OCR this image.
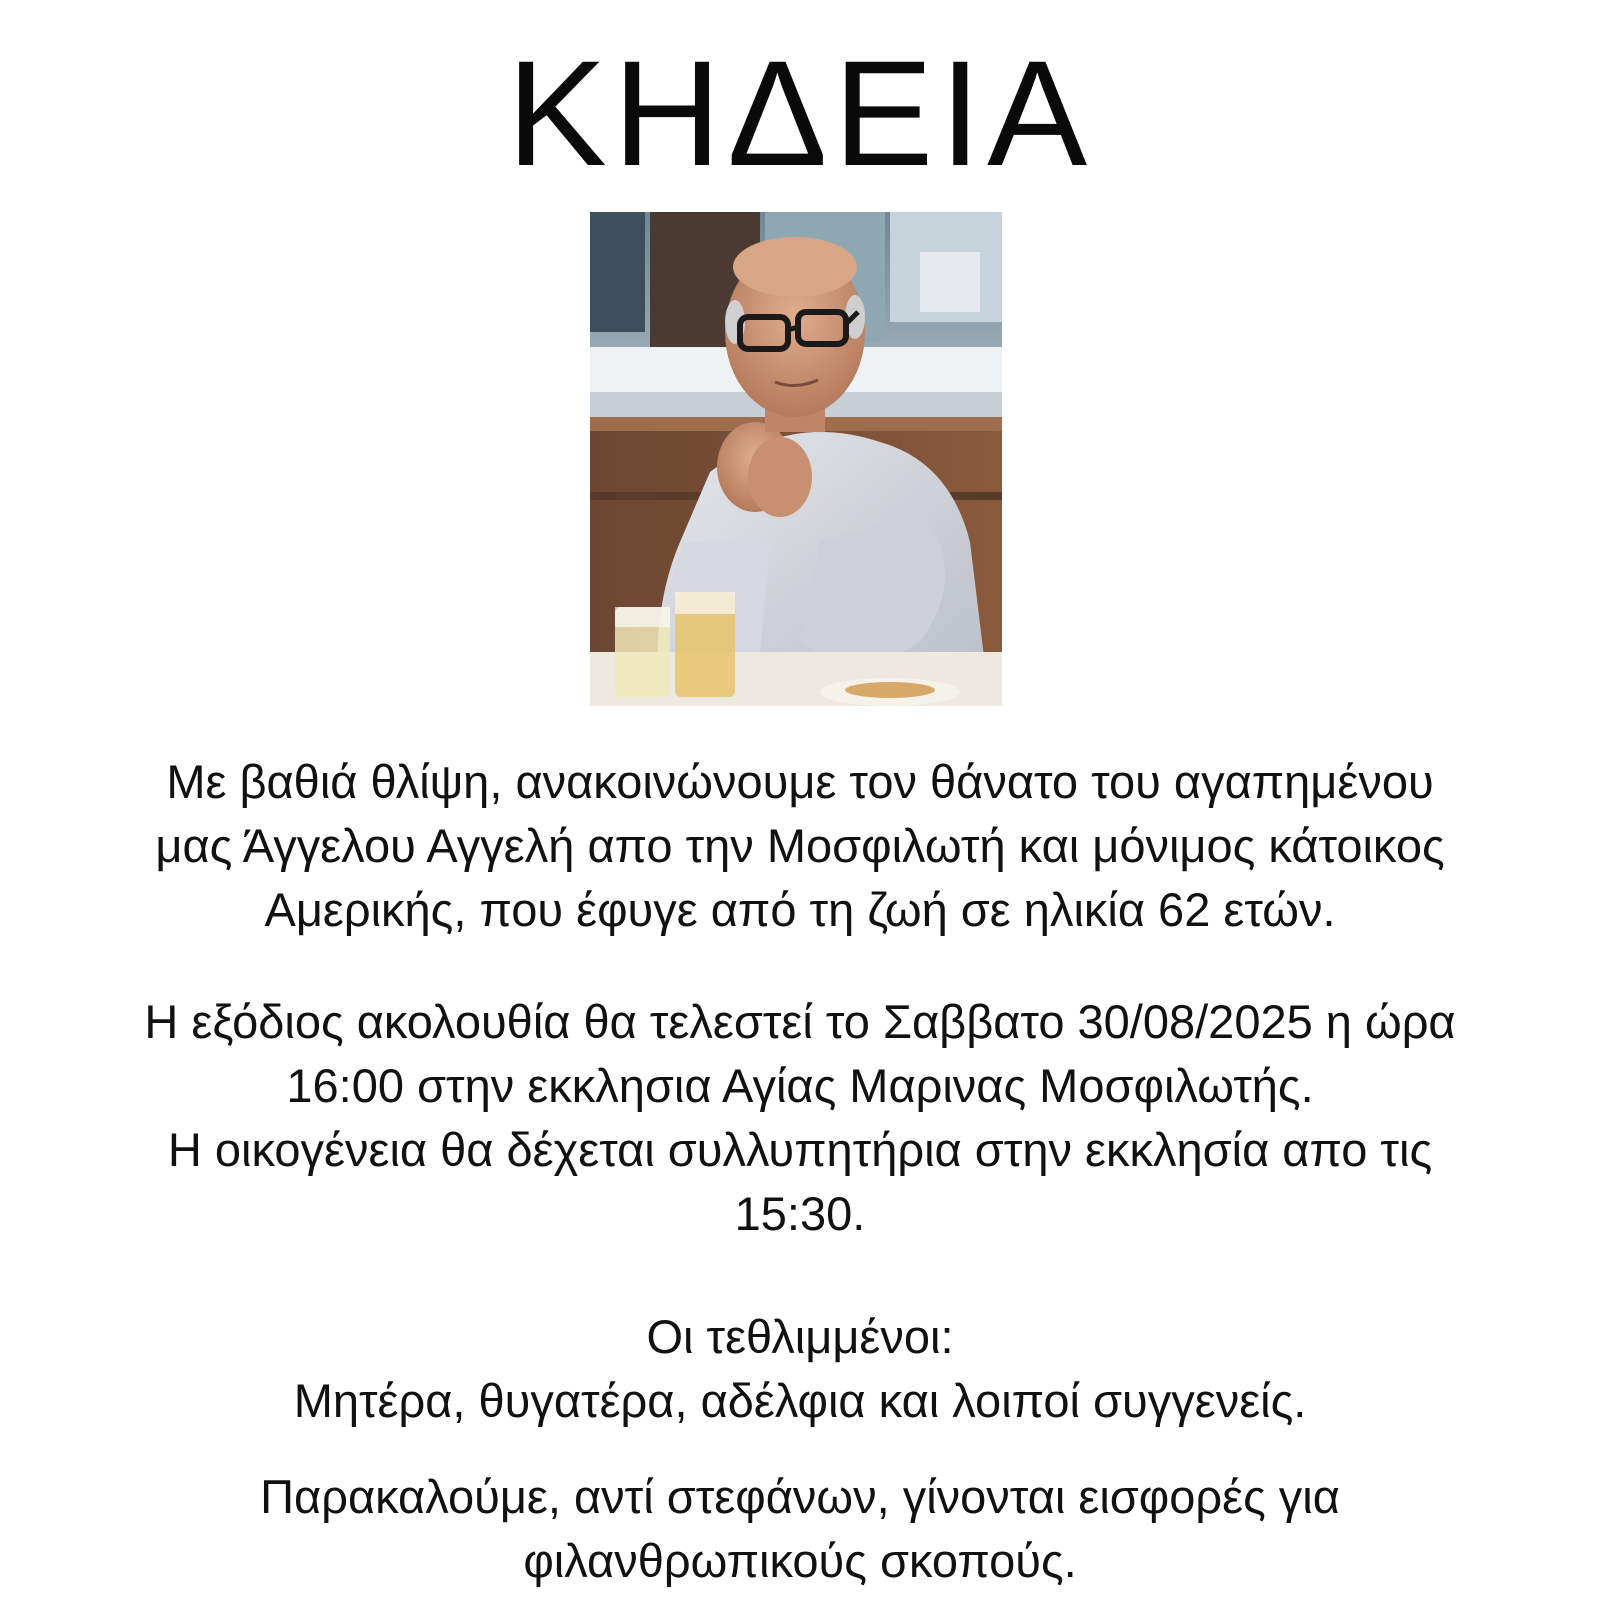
ΚΗΔΕΙΑ
Με βαθιά θλίψη, ανακοινώνουμε τον θάνατο του αγαπημένου
μας Άγγελου Αγγελή απο την Μοσφιλωτή και μόνιμος κάτοικος
Αμερικής, που έφυγε από τη ζωή σε ηλικία 62 ετών.
Η εξόδιος ακολουθία θα τελεστεί το Σαββατο 30/08/2025 η ώρα
16:00 στην εκκλησια Αγίας Μαρινας Μοσφιλωτής.
Η οικογένεια θα δέχεται συλλυπητήρια στην εκκλησία απο τις
15:30.
Οι τεθλιμμένοι:
Μητέρα, θυγατέρα, αδέλφια και λοιποί συγγενείς.
Παρακαλούμε, αντί στεφάνων, γίνονται εισφορές για
φιλανθρωπικούς σκοπούς.
